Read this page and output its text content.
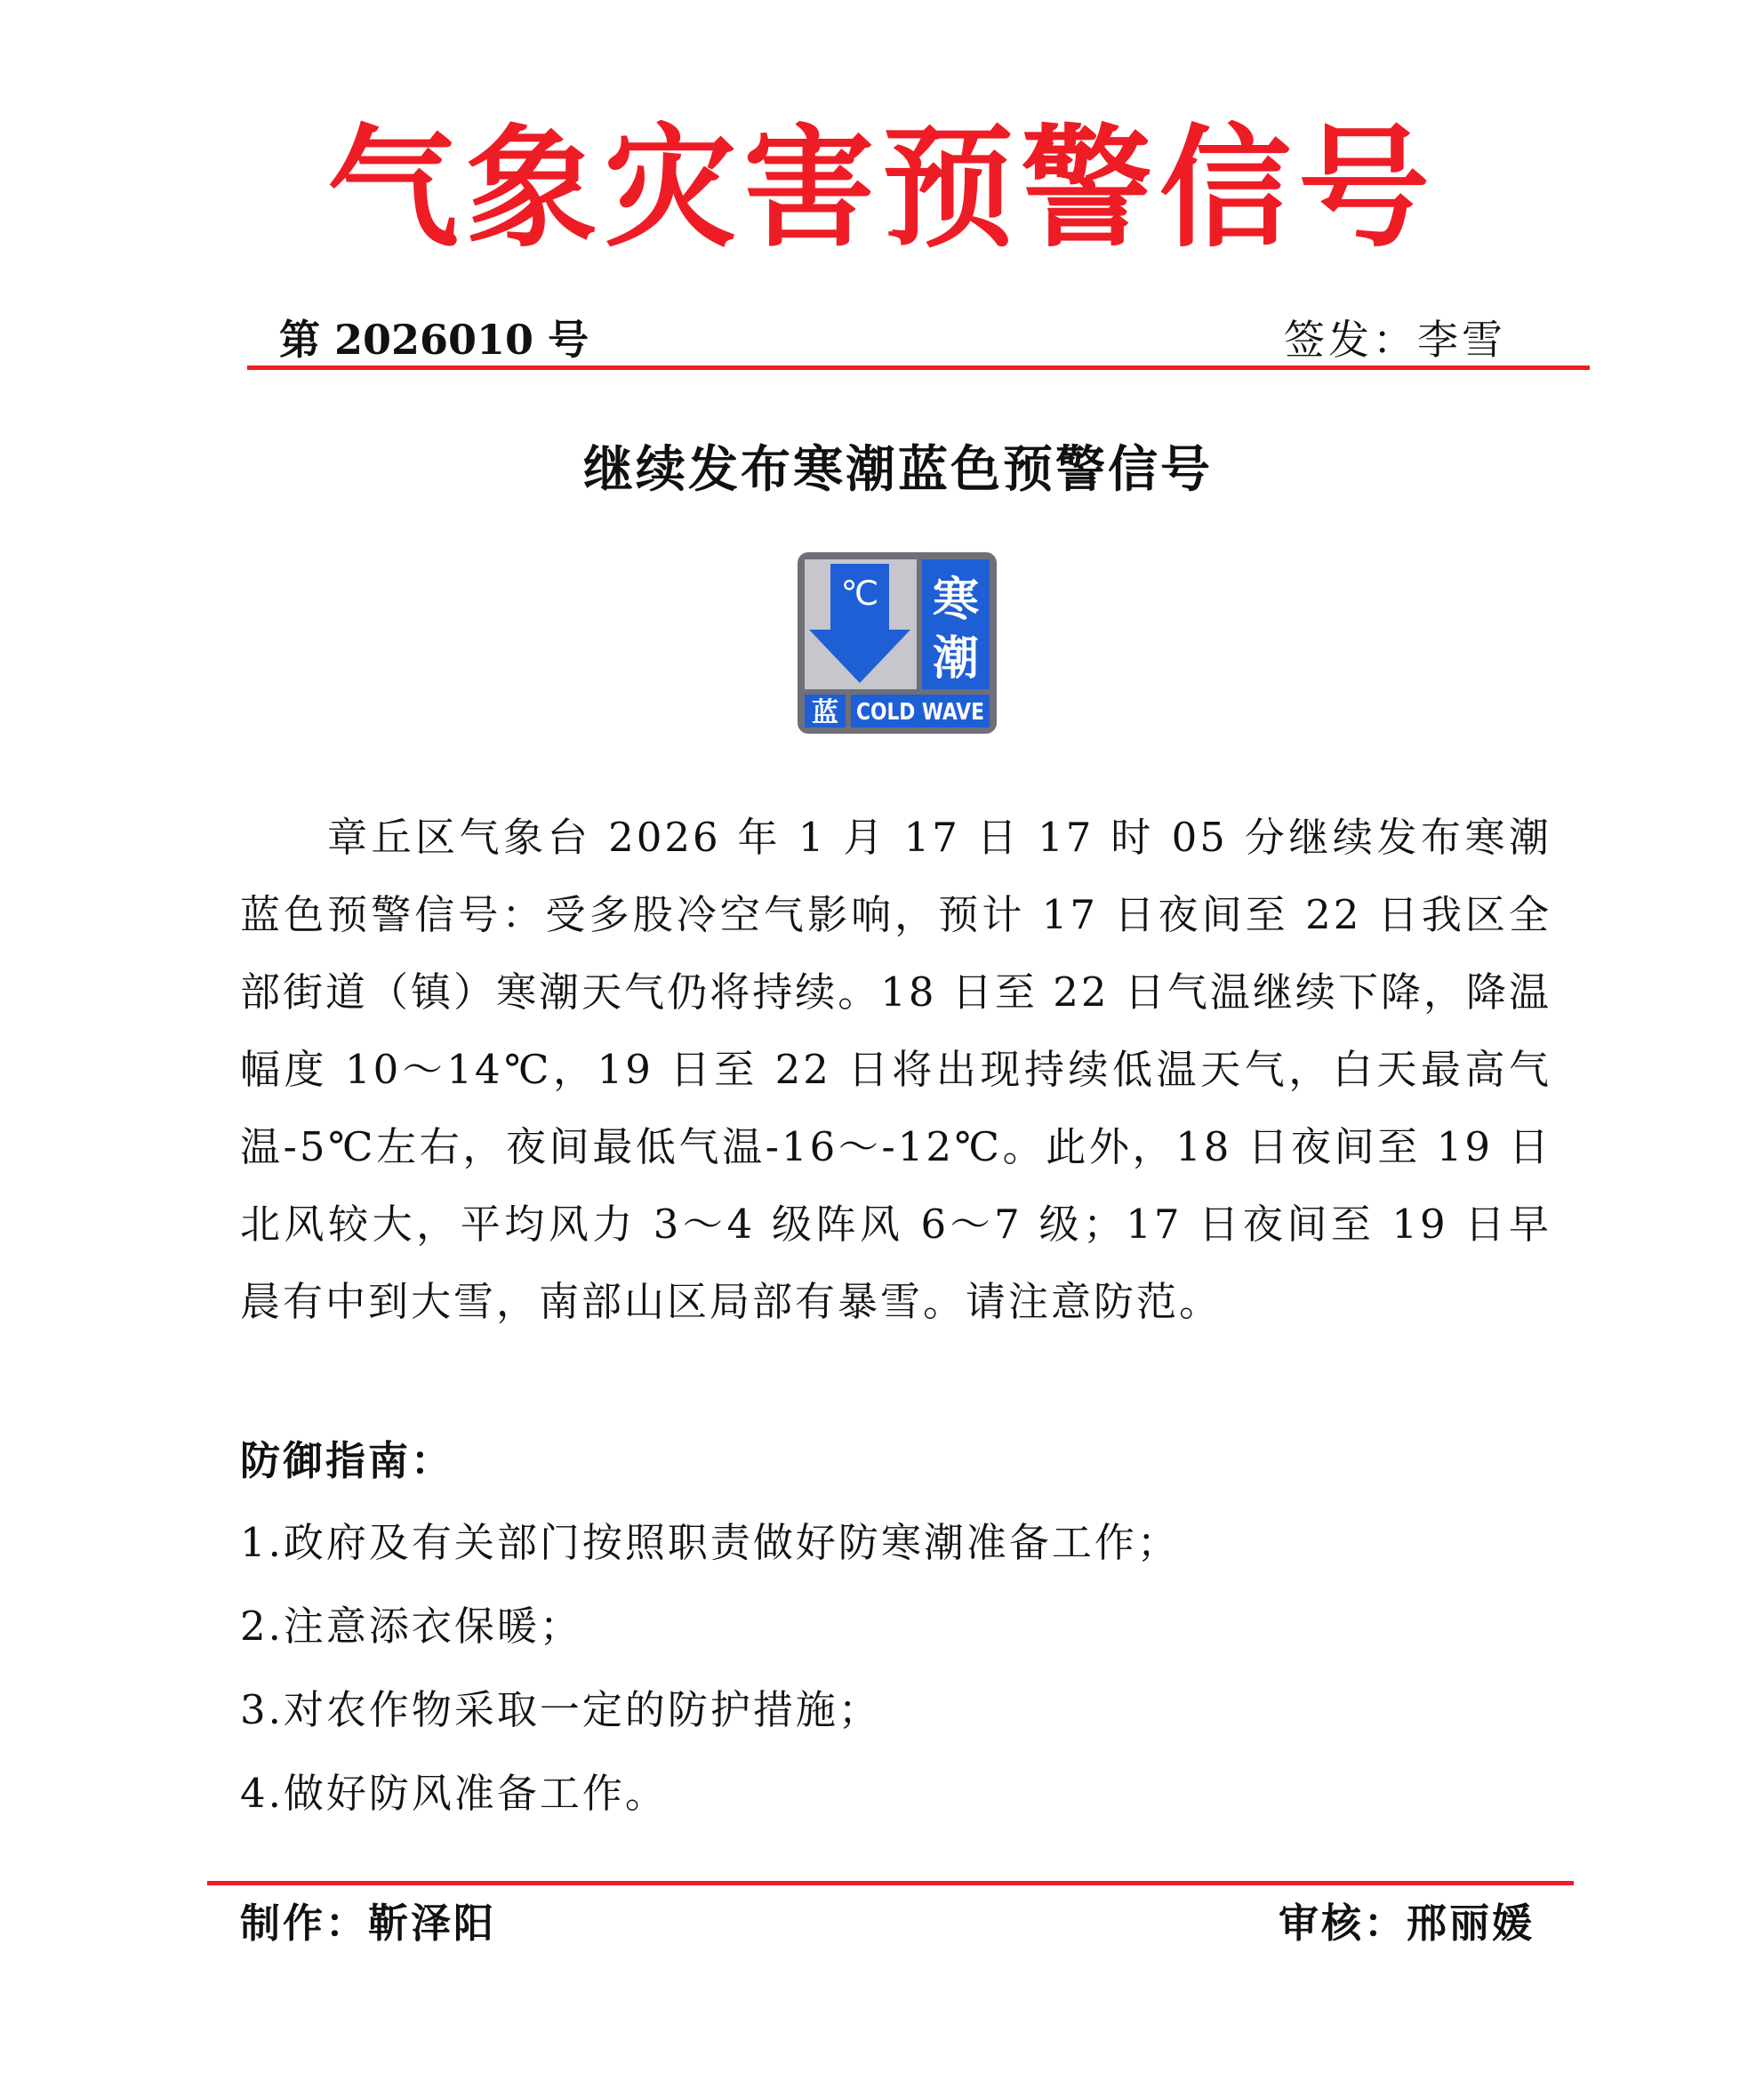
气象灾害预警信号
第 2026010 号	签发：李雪
继续发布寒潮蓝色预警信号
℃ 寒
潮
蓝 COLD WAVE

章丘区气象台 2026 年 1 月 17 日 17 时 05 分继续发布寒潮蓝色预警信号：受多股冷空气影响，预计 17 日夜间至 22 日我区全部街道（镇）寒潮天气仍将持续。18 日至 22 日气温继续下降，降温幅度 10～14℃，19 日至 22 日将出现持续低温天气，白天最高气温-5℃左右，夜间最低气温-16～-12℃。此外，18 日夜间至 19 日北风较大，平均风力 3～4 级阵风 6～7 级；17 日夜间至 19 日早晨有中到大雪，南部山区局部有暴雪。请注意防范。

防御指南：
1.政府及有关部门按照职责做好防寒潮准备工作；
2.注意添衣保暖；
3.对农作物采取一定的防护措施；
4.做好防风准备工作。
制作：靳泽阳	审核：邢丽媛
